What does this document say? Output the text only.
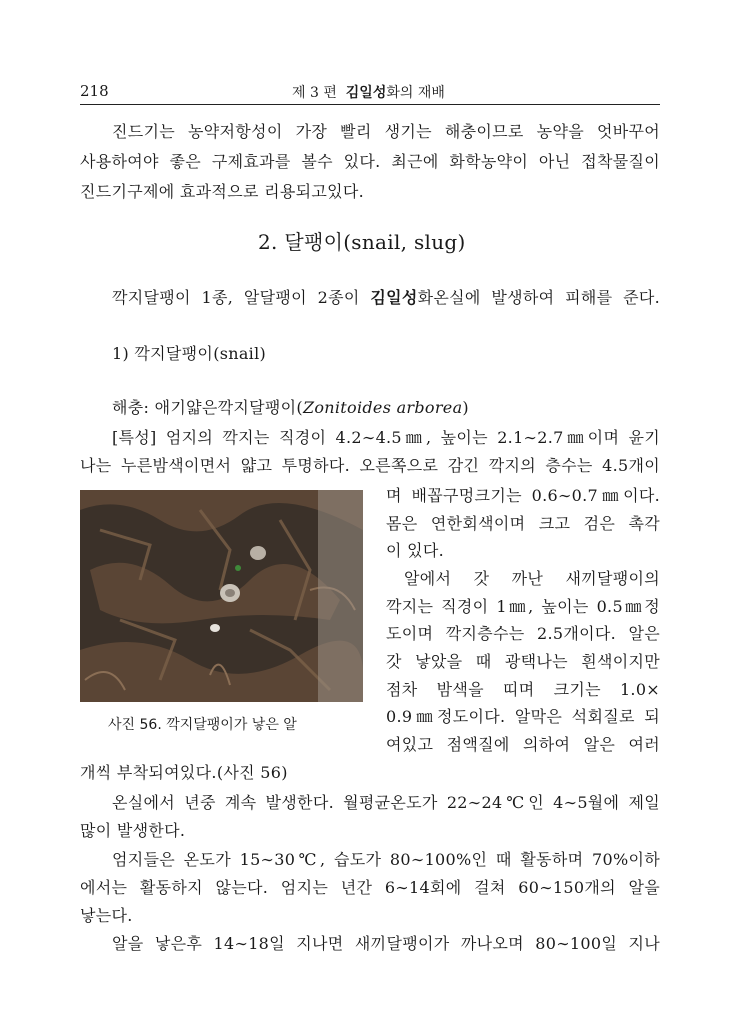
218	제 3 편 김일성화의 재배
진드기는 농약저항성이 가장 빨리 생기는 해충이므로 농약을 엇바꾸어
사용하여야 좋은 구제효과를 볼수 있다. 최근에 화학농약이 아닌 접착물질이
진드기구제에 효과적으로 리용되고있다.
2. 달팽이(snail, slug)
깍지달팽이 1종, 알달팽이 2종이 김일성화온실에 발생하여 피해를 준다.
1) 깍지달팽이(snail)
해충: 애기얇은깍지달팽이(Zonitoides arborea)
[특성] 엄지의 깍지는 직경이 4.2∼4.5㎜, 높이는 2.1∼2.7㎜이며 윤기
나는 누른밤색이면서 얇고 투명하다. 오른쪽으로 감긴 깍지의 층수는 4.5개이
사진 56. 깍지달팽이가 낳은 알
며 배꼽구멍크기는 0.6∼0.7㎜이다.
몸은 연한회색이며 크고 검은 촉각
이 있다.
알에서 갓 까난 새끼달팽이의
깍지는 직경이 1㎜, 높이는 0.5㎜정
도이며 깍지층수는 2.5개이다. 알은
갓 낳았을 때 광택나는 흰색이지만
점차 밤색을 띠며 크기는 1.0×
0.9㎜정도이다. 알막은 석회질로 되
여있고 점액질에 의하여 알은 여러
개씩 부착되여있다.(사진 56)
온실에서 년중 계속 발생한다. 월평균온도가 22∼24℃인 4∼5월에 제일
많이 발생한다.
엄지들은 온도가 15∼30℃, 습도가 80∼100%인 때 활동하며 70%이하
에서는 활동하지 않는다. 엄지는 년간 6∼14회에 걸쳐 60∼150개의 알을
낳는다.
알을 낳은후 14∼18일 지나면 새끼달팽이가 까나오며 80∼100일 지나
